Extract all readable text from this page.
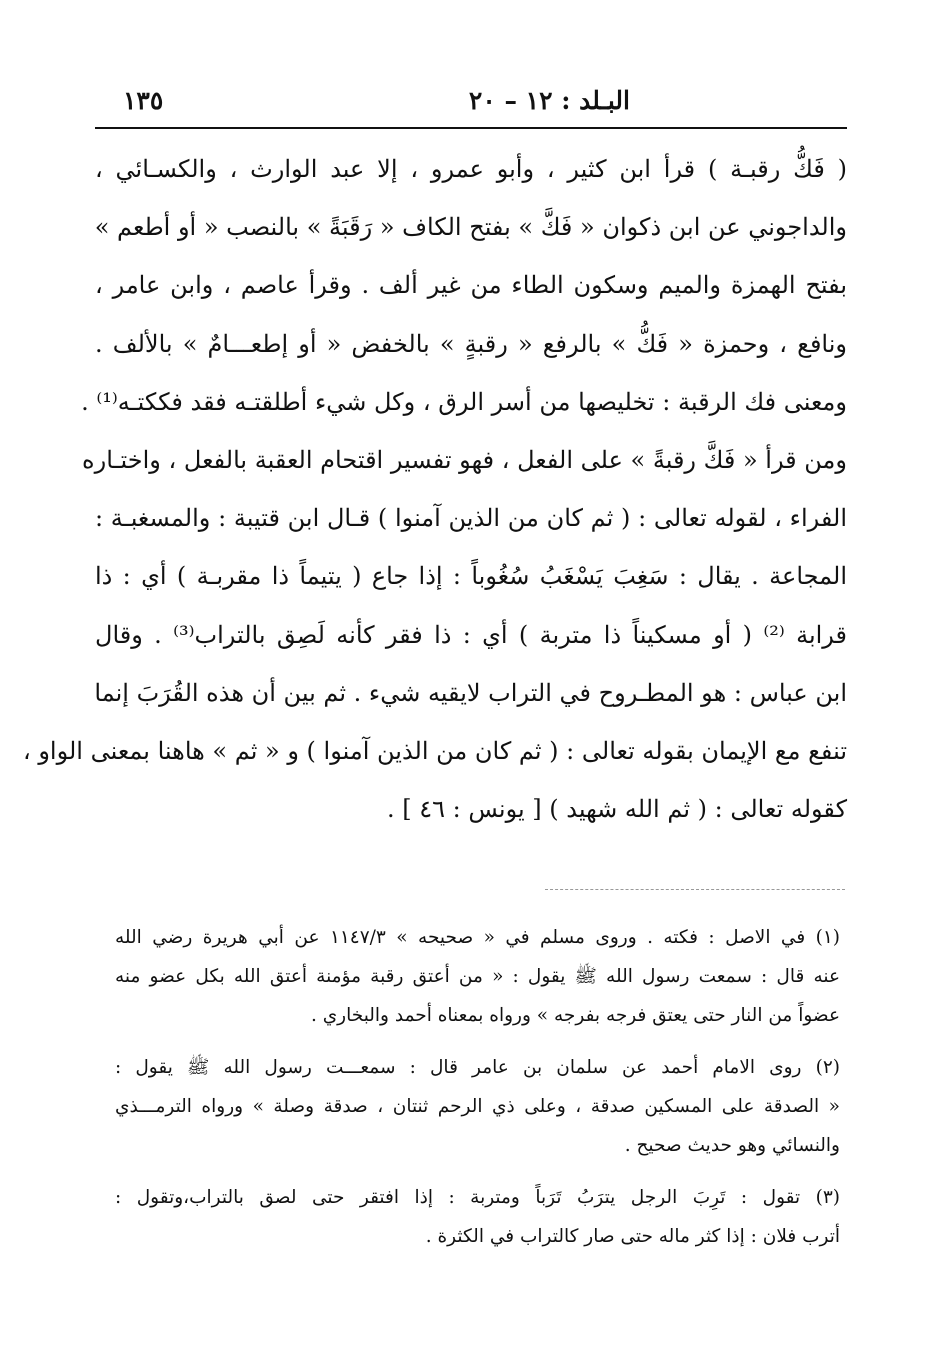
البـلد : ١٢ – ٢٠
١٣٥
( فَكُّ رقبـة ) قرأ ابن كثير ، وأبو عمرو ، إلا عبد الوارث ، والكسـائي ،
والداجوني عن ابن ذكوان « فَكَّ » بفتح الكاف « رَقَبَةً » بالنصب « أو أطعم »
بفتح الهمزة والميم وسكون الطاء من غير ألف . وقرأ عاصم ، وابن عامر ،
ونافع ، وحمزة « فَكُّ » بالرفع « رقبةٍ » بالخفض « أو إطعـــامٌ » بالألف .
ومعنى فك الرقبة : تخليصها من أسر الرق ، وكل شيء أطلقتـه فقد فككتـه⁽¹⁾ .
ومن قرأ « فَكَّ رقبةً » على الفعل ، فهو تفسير اقتحام العقبة بالفعل ، واختـاره
الفراء ، لقوله تعالى : ( ثم كان من الذين آمنوا ) قـال ابن قتيبة : والمسغبـة :
المجاعة . يقال : سَغِبَ يَسْغَبُ سُغُوباً : إذا جاع ( يتيماً ذا مقربـة ) أي : ذا
قرابة ⁽²⁾ ( أو مسكيناً ذا متربة ) أي : ذا فقر كأنه لَصِق بالتراب⁽³⁾ . وقال
ابن عباس : هو المطـروح في التراب لايقيه شيء . ثم بين أن هذه القُرَبَ إنما
تنفع مع الإيمان بقوله تعالى : ( ثم كان من الذين آمنوا ) و « ثم » هاهنا بمعنى الواو ،
كقوله تعالى : ( ثم الله شهيد ) [ يونس : ٤٦ ] .
(١) في الاصل : فكته . وروى مسلم في « صحيحه » ١١٤٧/٣ عن أبي هريرة رضي الله
عنه قال : سمعت رسول الله ﷺ يقول : « من أعتق رقبة مؤمنة أعتق الله بكل عضو منه
عضواً من النار حتى يعتق فرجه بفرجه » ورواه بمعناه أحمد والبخاري .
(٢) روى الامام أحمد عن سلمان بن عامر قال : سمعـــت رسول الله ﷺ يقول :
« الصدقة على المسكين صدقة ، وعلى ذي الرحم ثنتان ، صدقة وصلة » ورواه الترمـــذي
والنسائي وهو حديث صحيح .
(٣) تقول : تَرِبَ الرجل يترَبُ تَرَباً ومتربة : إذا افتقر حتى لصق بالتراب،وتقول :
أترب فلان : إذا كثر ماله حتى صار كالتراب في الكثرة .
